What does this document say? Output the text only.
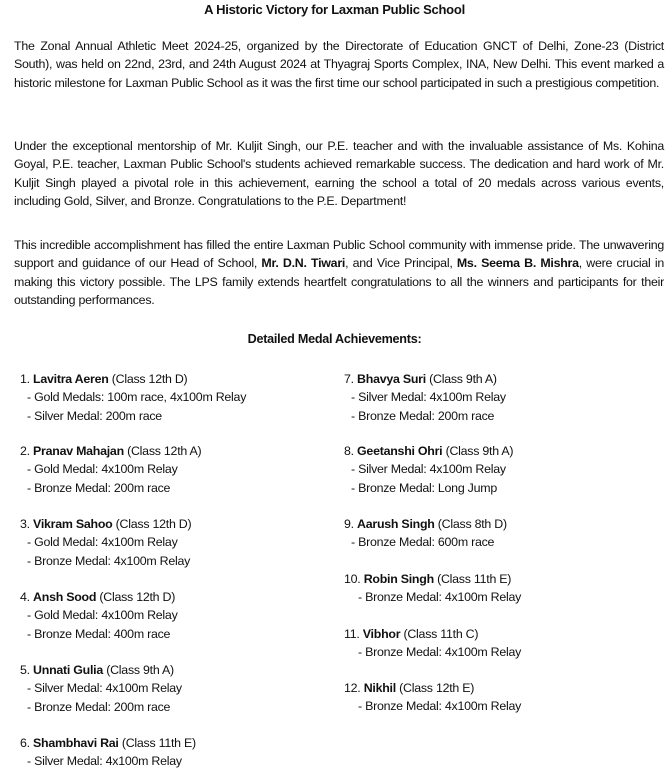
A Historic Victory for Laxman Public School

The Zonal Annual Athletic Meet 2024-25, organized by the Directorate of Education GNCT of Delhi, Zone-23 (District South), was held on 22nd, 23rd, and 24th August 2024 at Thyagraj Sports Complex, INA, New Delhi. This event marked a historic milestone for Laxman Public School as it was the first time our school participated in such a prestigious competition.

Under the exceptional mentorship of Mr. Kuljit Singh, our P.E. teacher and with the invaluable assistance of Ms. Kohina Goyal, P.E. teacher, Laxman Public School's students achieved remarkable success. The dedication and hard work of Mr. Kuljit Singh played a pivotal role in this achievement, earning the school a total of 20 medals across various events, including Gold, Silver, and Bronze. Congratulations to the P.E. Department!

This incredible accomplishment has filled the entire Laxman Public School community with immense pride. The unwavering support and guidance of our Head of School, Mr. D.N. Tiwari, and Vice Principal, Ms. Seema B. Mishra, were crucial in making this victory possible. The LPS family extends heartfelt congratulations to all the winners and participants for their outstanding performances.

Detailed Medal Achievements:
1. Lavitra Aeren (Class 12th D)
- Gold Medals: 100m race, 4x100m Relay
- Silver Medal: 200m race
2. Pranav Mahajan (Class 12th A)
- Gold Medal: 4x100m Relay
- Bronze Medal: 200m race
3. Vikram Sahoo (Class 12th D)
- Gold Medal: 4x100m Relay
- Bronze Medal: 4x100m Relay
4. Ansh Sood (Class 12th D)
- Gold Medal: 4x100m Relay
- Bronze Medal: 400m race
5. Unnati Gulia (Class 9th A)
- Silver Medal: 4x100m Relay
- Bronze Medal: 200m race
6. Shambhavi Rai (Class 11th E)
- Silver Medal: 4x100m Relay
7. Bhavya Suri (Class 9th A)
- Silver Medal: 4x100m Relay
- Bronze Medal: 200m race
8. Geetanshi Ohri (Class 9th A)
- Silver Medal: 4x100m Relay
- Bronze Medal: Long Jump
9. Aarush Singh (Class 8th D)
- Bronze Medal: 600m race
10. Robin Singh (Class 11th E)
- Bronze Medal: 4x100m Relay
11. Vibhor (Class 11th C)
- Bronze Medal: 4x100m Relay
12. Nikhil (Class 12th E)
- Bronze Medal: 4x100m Relay
